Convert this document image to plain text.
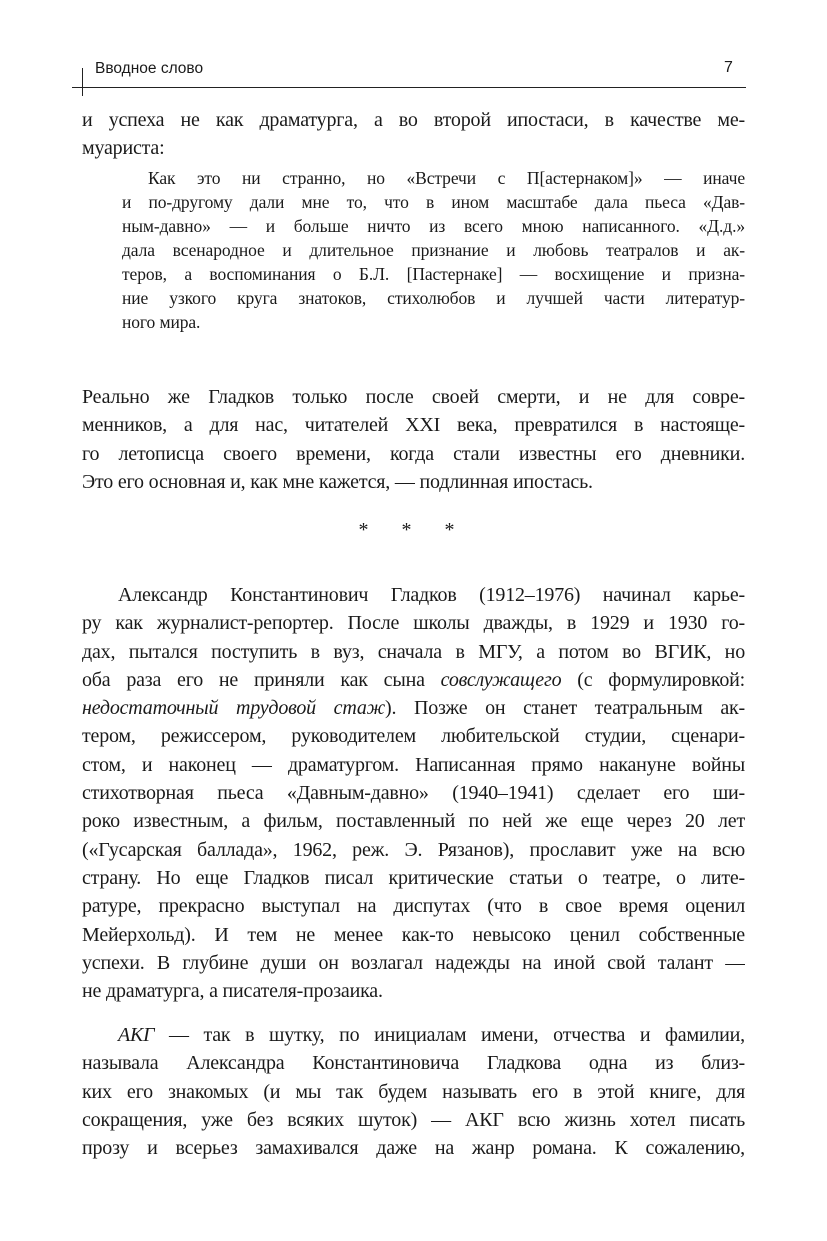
Вводное слово	7
и успеха не как драматурга, а во второй ипостаси, в качестве ме-
муариста:
Как это ни странно, но «Встречи с П[астернаком]» — иначе
и по-другому дали мне то, что в ином масштабе дала пьеса «Дав-
ным-давно» — и больше ничто из всего мною написанного. «Д.д.»
дала всенародное и длительное признание и любовь театралов и ак-
теров, а воспоминания о Б.Л. [Пастернаке] — восхищение и призна-
ние узкого круга знатоков, стихолюбов и лучшей части литератур-
ного мира.
Реально же Гладков только после своей смерти, и не для совре-
менников, а для нас, читателей XXI века, превратился в настояще-
го летописца своего времени, когда стали известны его дневники.
Это его основная и, как мне кажется, — подлинная ипостась.
* * *
Александр Константинович Гладков (1912–1976) начинал карье-
ру как журналист-репортер. После школы дважды, в 1929 и 1930 го-
дах, пытался поступить в вуз, сначала в МГУ, а потом во ВГИК, но
оба раза его не приняли как сына совслужащего (с формулировкой:
недостаточный трудовой стаж). Позже он станет театральным ак-
тером, режиссером, руководителем любительской студии, сценари-
стом, и наконец — драматургом. Написанная прямо накануне войны
стихотворная пьеса «Давным-давно» (1940–1941) сделает его ши-
роко известным, а фильм, поставленный по ней же еще через 20 лет
(«Гусарская баллада», 1962, реж. Э. Рязанов), прославит уже на всю
страну. Но еще Гладков писал критические статьи о театре, о лите-
ратуре, прекрасно выступал на диспутах (что в свое время оценил
Мейерхольд). И тем не менее как-то невысоко ценил собственные
успехи. В глубине души он возлагал надежды на иной свой талант —
не драматурга, а писателя-прозаика.
АКГ — так в шутку, по инициалам имени, отчества и фамилии,
называла Александра Константиновича Гладкова одна из близ-
ких его знакомых (и мы так будем называть его в этой книге, для
сокращения, уже без всяких шуток) — АКГ всю жизнь хотел писать
прозу и всерьез замахивался даже на жанр романа. К сожалению,
